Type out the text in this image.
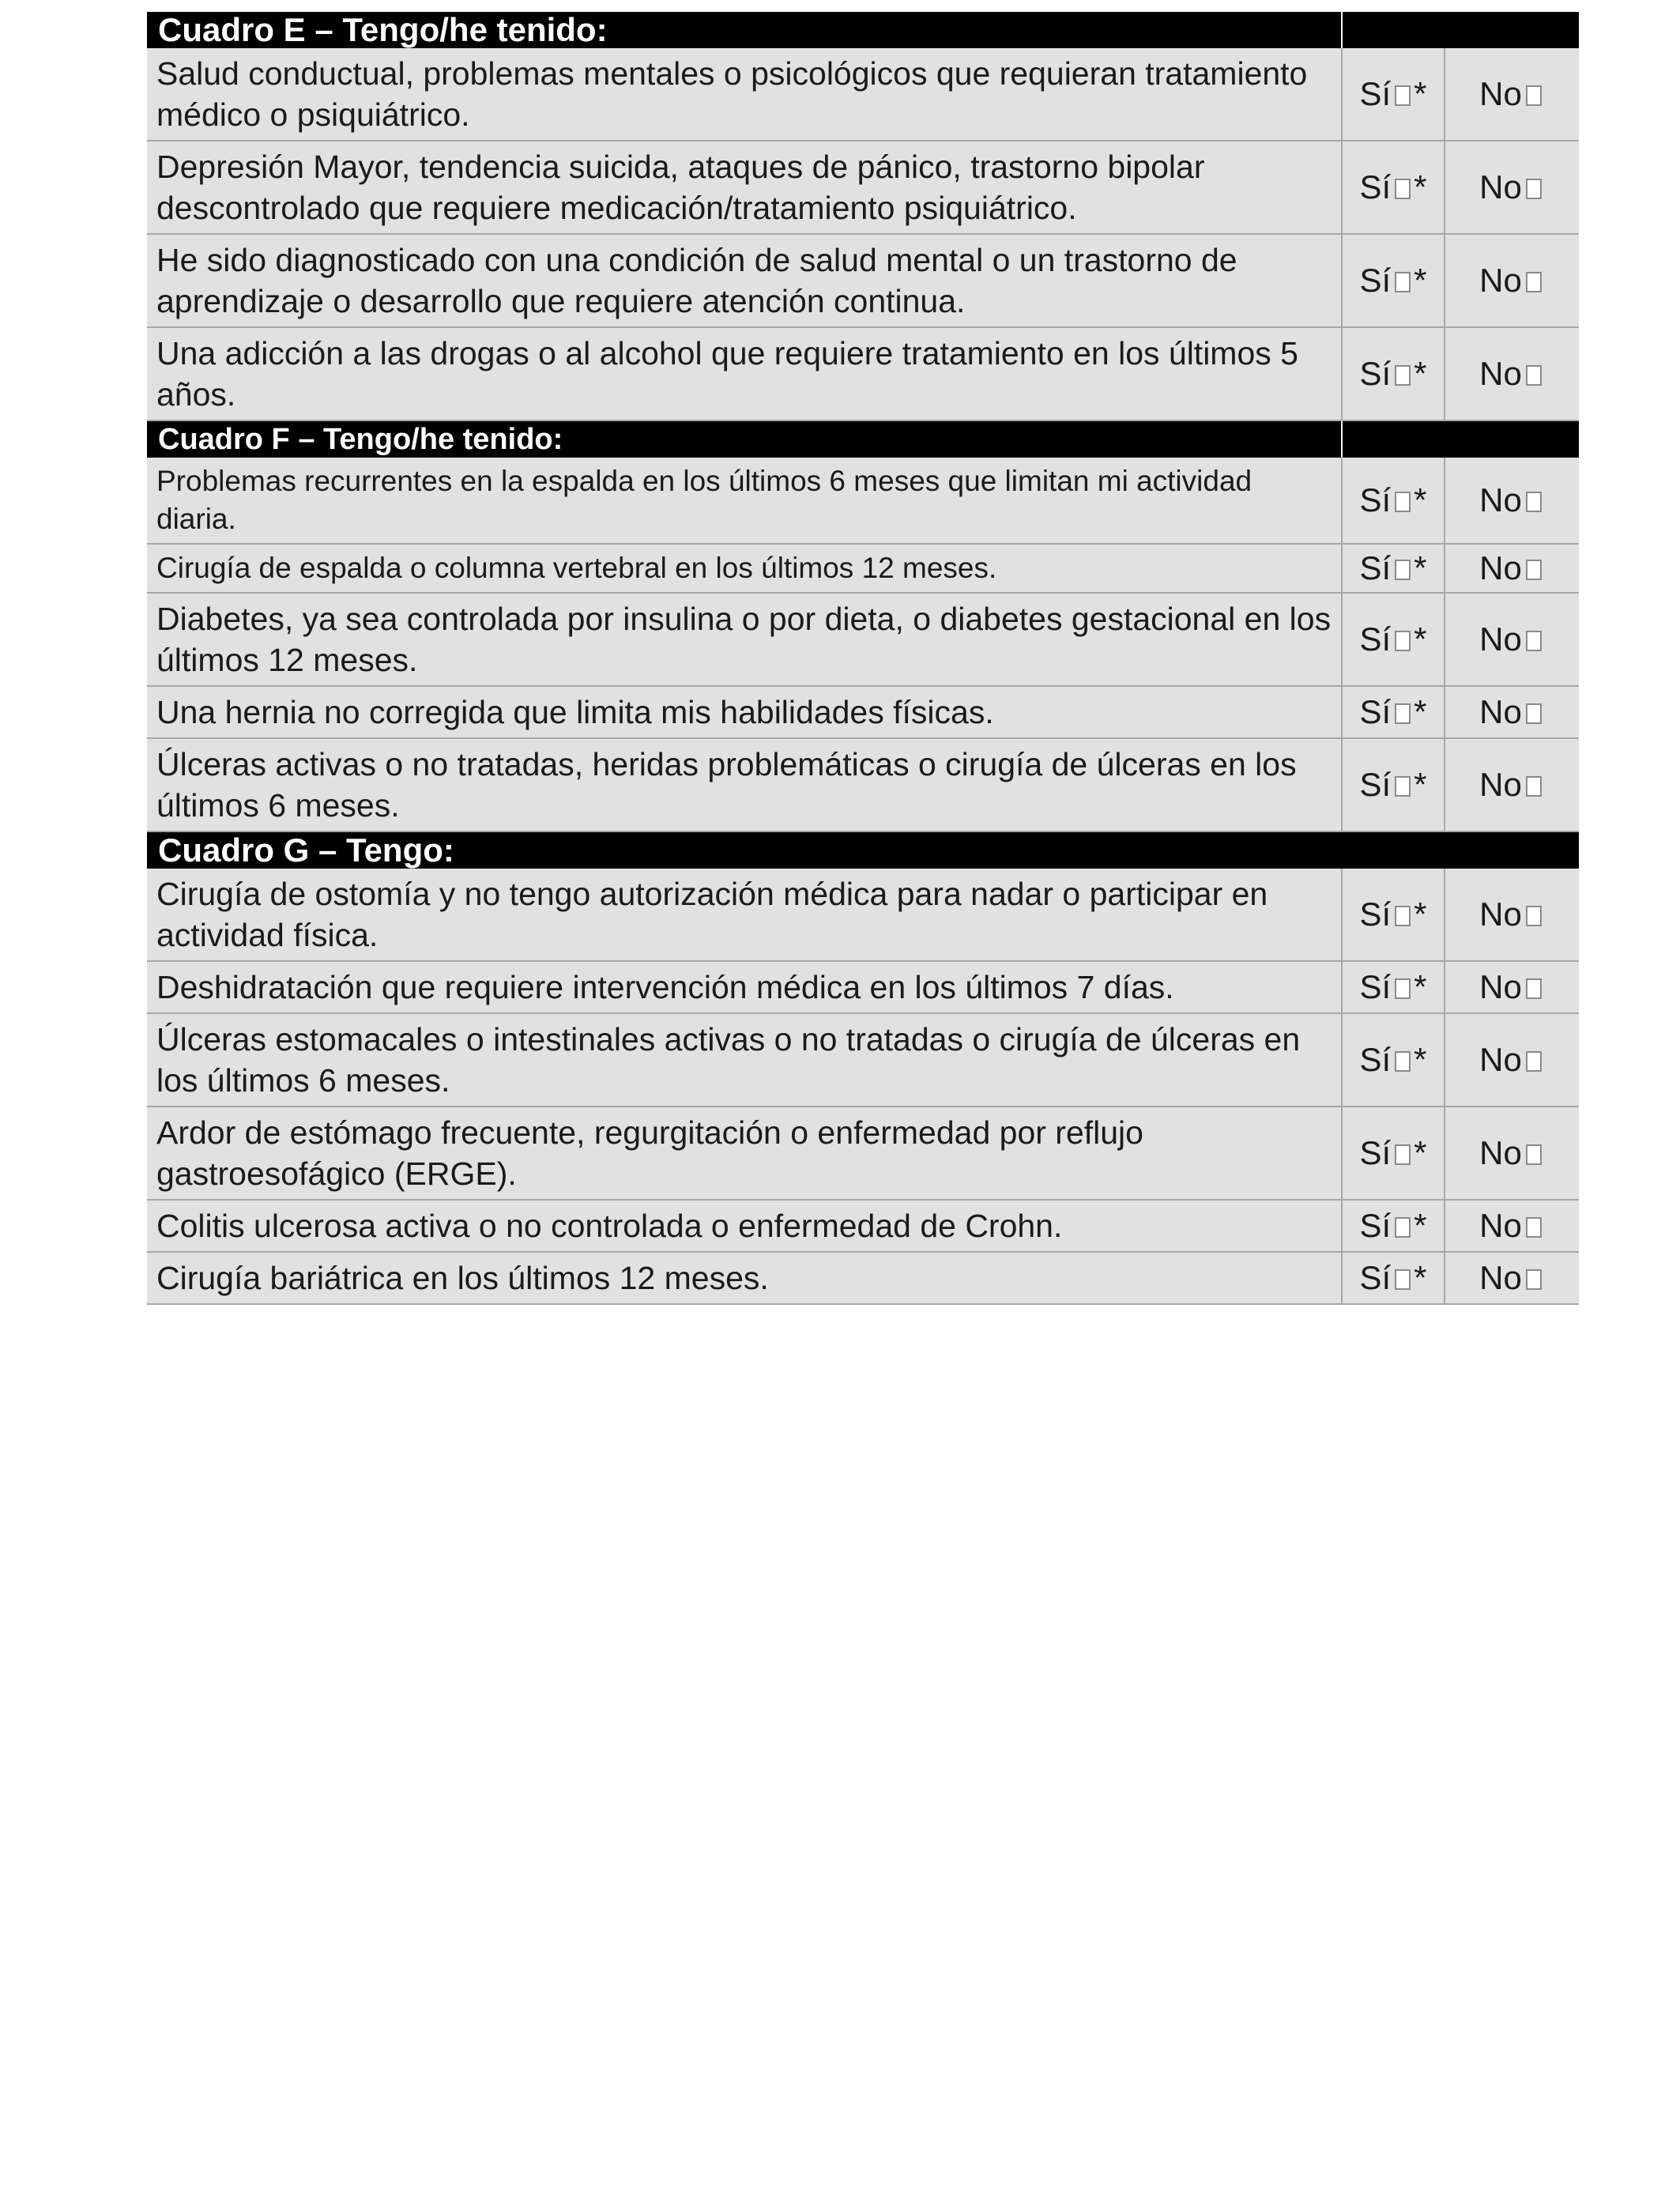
Cuadro E – Tengo/he tenido:		
Salud conductual, problemas mentales o psicológicos que requieran tratamiento médico o psiquiátrico.	Sí *	No
Depresión Mayor, tendencia suicida, ataques de pánico, trastorno bipolar descontrolado que requiere medicación/tratamiento psiquiátrico.	Sí *	No
He sido diagnosticado con una condición de salud mental o un trastorno de aprendizaje o desarrollo que requiere atención continua.	Sí *	No
Una adicción a las drogas o al alcohol que requiere tratamiento en los últimos 5 años.	Sí *	No
Cuadro F – Tengo/he tenido:		
Problemas recurrentes en la espalda en los últimos 6 meses que limitan mi actividad diaria.	Sí *	No
Cirugía de espalda o columna vertebral en los últimos 12 meses.	Sí *	No
Diabetes, ya sea controlada por insulina o por dieta, o diabetes gestacional en los últimos 12 meses.	Sí *	No
Una hernia no corregida que limita mis habilidades físicas.	Sí *	No
Úlceras activas o no tratadas, heridas problemáticas o cirugía de úlceras en los últimos 6 meses.	Sí *	No
Cuadro G – Tengo:		
Cirugía de ostomía y no tengo autorización médica para nadar o participar en actividad física.	Sí *	No
Deshidratación que requiere intervención médica en los últimos 7 días.	Sí *	No
Úlceras estomacales o intestinales activas o no tratadas o cirugía de úlceras en los últimos 6 meses.	Sí *	No
Ardor de estómago frecuente, regurgitación o enfermedad por reflujo gastroesofágico (ERGE).	Sí *	No
Colitis ulcerosa activa o no controlada o enfermedad de Crohn.	Sí *	No
Cirugía bariátrica en los últimos 12 meses.	Sí *	No
